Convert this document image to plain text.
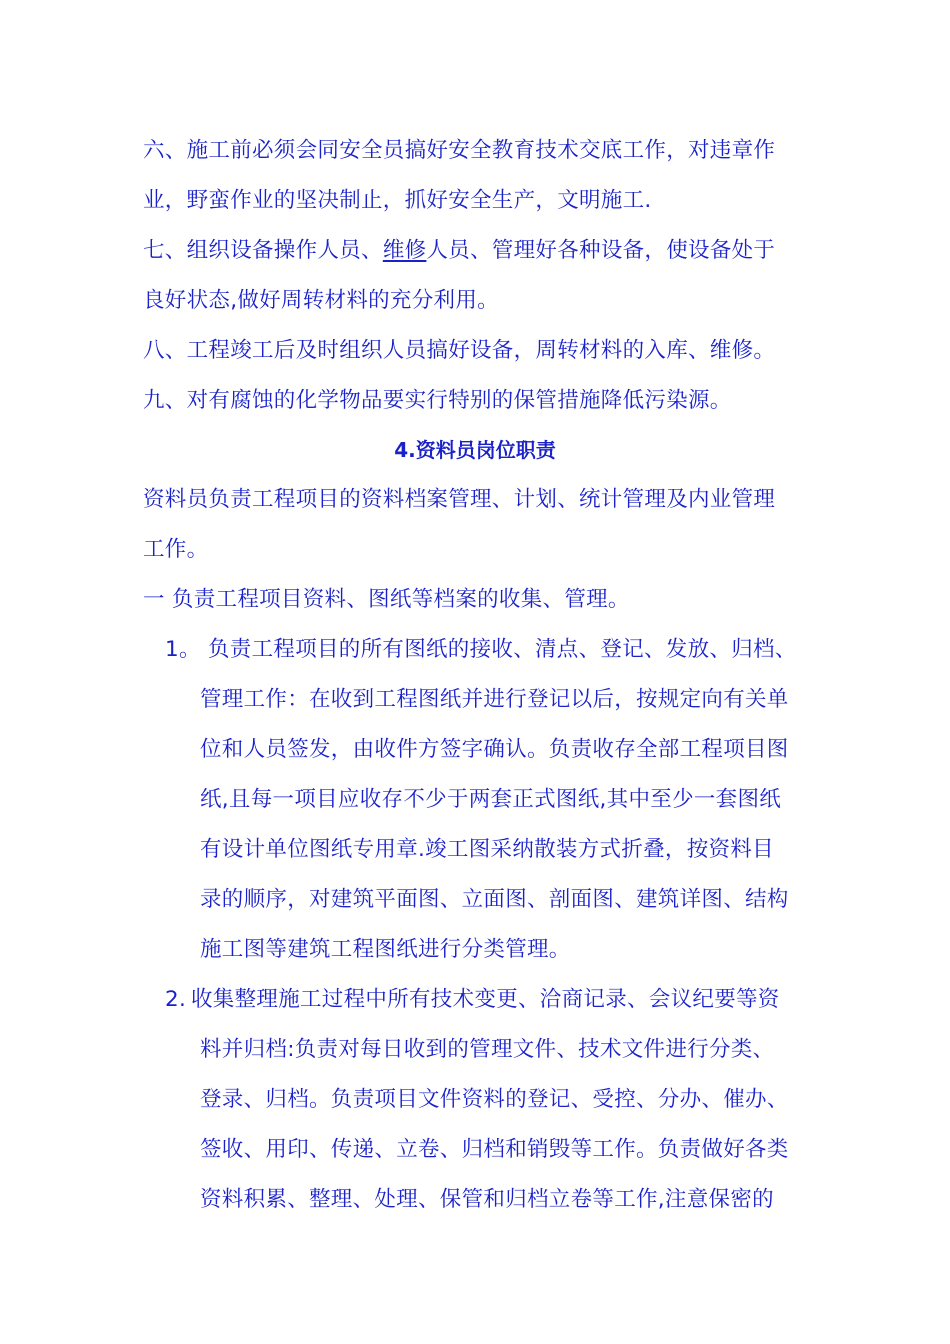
六、施工前必须会同安全员搞好安全教育技术交底工作，对违章作
业，野蛮作业的坚决制止，抓好安全生产，文明施工.
七、组织设备操作人员、维修人员、管理好各种设备，使设备处于
良好状态,做好周转材料的充分利用。
八、工程竣工后及时组织人员搞好设备，周转材料的入库、维修。
九、对有腐蚀的化学物品要实行特别的保管措施降低污染源。
4.资料员岗位职责
资料员负责工程项目的资料档案管理、计划、统计管理及内业管理
工作。
一 负责工程项目资料、图纸等档案的收集、管理。
1。 负责工程项目的所有图纸的接收、清点、登记、发放、归档、
管理工作：在收到工程图纸并进行登记以后，按规定向有关单
位和人员签发，由收件方签字确认。负责收存全部工程项目图
纸,且每一项目应收存不少于两套正式图纸,其中至少一套图纸
有设计单位图纸专用章.竣工图采纳散装方式折叠，按资料目
录的顺序，对建筑平面图、立面图、剖面图、建筑详图、结构
施工图等建筑工程图纸进行分类管理。
2. 收集整理施工过程中所有技术变更、洽商记录、会议纪要等资
料并归档:负责对每日收到的管理文件、技术文件进行分类、
登录、归档。负责项目文件资料的登记、受控、分办、催办、
签收、用印、传递、立卷、归档和销毁等工作。负责做好各类
资料积累、整理、处理、保管和归档立卷等工作,注意保密的
